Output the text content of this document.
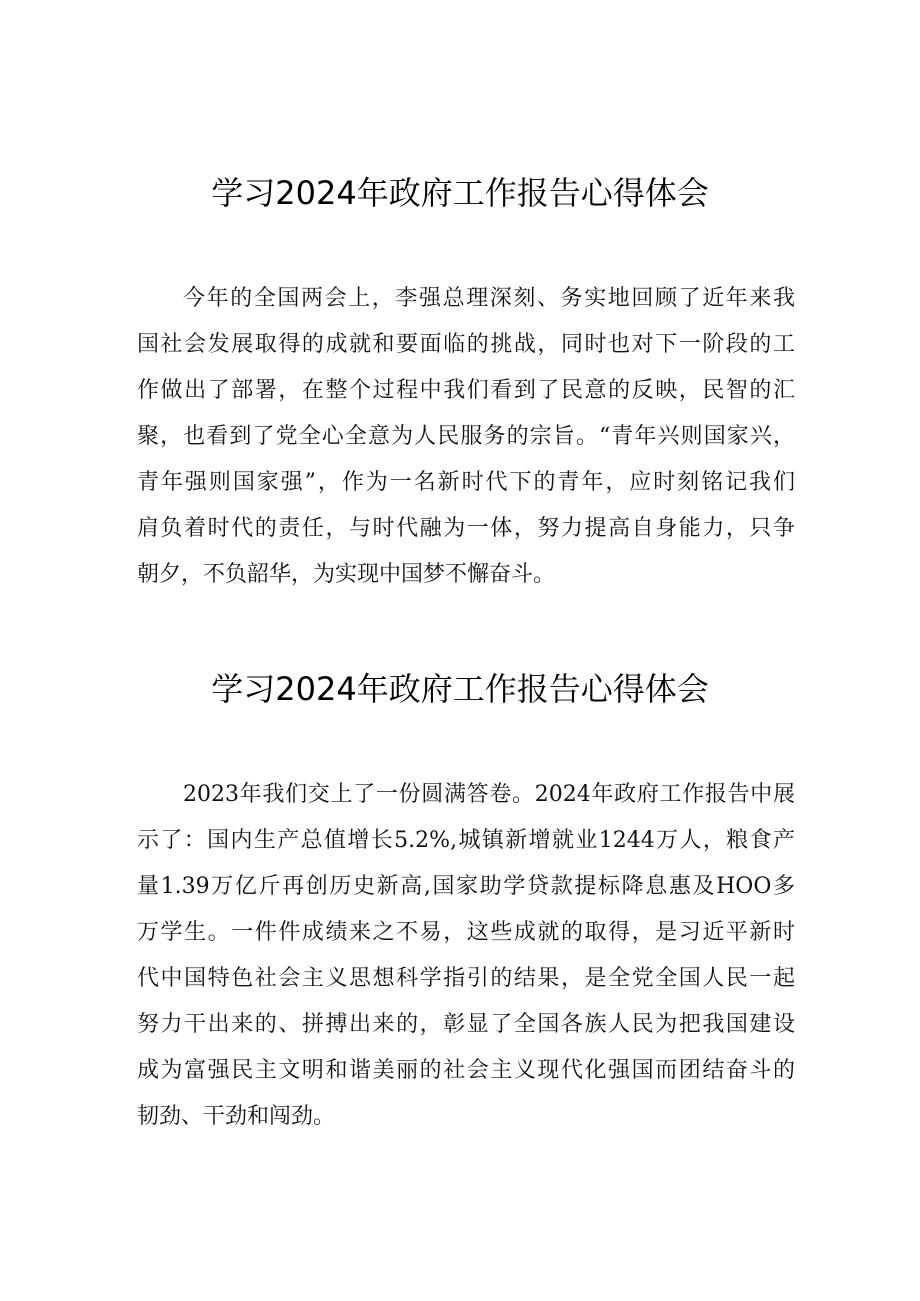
学习2024年政府工作报告心得体会
今年的全国两会上，李强总理深刻、务实地回顾了近年来我
国社会发展取得的成就和要面临的挑战，同时也对下一阶段的工
作做出了部署，在整个过程中我们看到了民意的反映，民智的汇
聚，也看到了党全心全意为人民服务的宗旨。“青年兴则国家兴，
青年强则国家强”，作为一名新时代下的青年，应时刻铭记我们
肩负着时代的责任，与时代融为一体，努力提高自身能力，只争
朝夕，不负韶华，为实现中国梦不懈奋斗。
学习2024年政府工作报告心得体会
2023年我们交上了一份圆满答卷。2024年政府工作报告中展
示了：国内生产总值增长5.2%,城镇新增就业1244万人，粮食产
量1.39万亿斤再创历史新高,国家助学贷款提标降息惠及HOO多
万学生。一件件成绩来之不易，这些成就的取得，是习近平新时
代中国特色社会主义思想科学指引的结果，是全党全国人民一起
努力干出来的、拼搏出来的，彰显了全国各族人民为把我国建设
成为富强民主文明和谐美丽的社会主义现代化强国而团结奋斗的
韧劲、干劲和闯劲。
